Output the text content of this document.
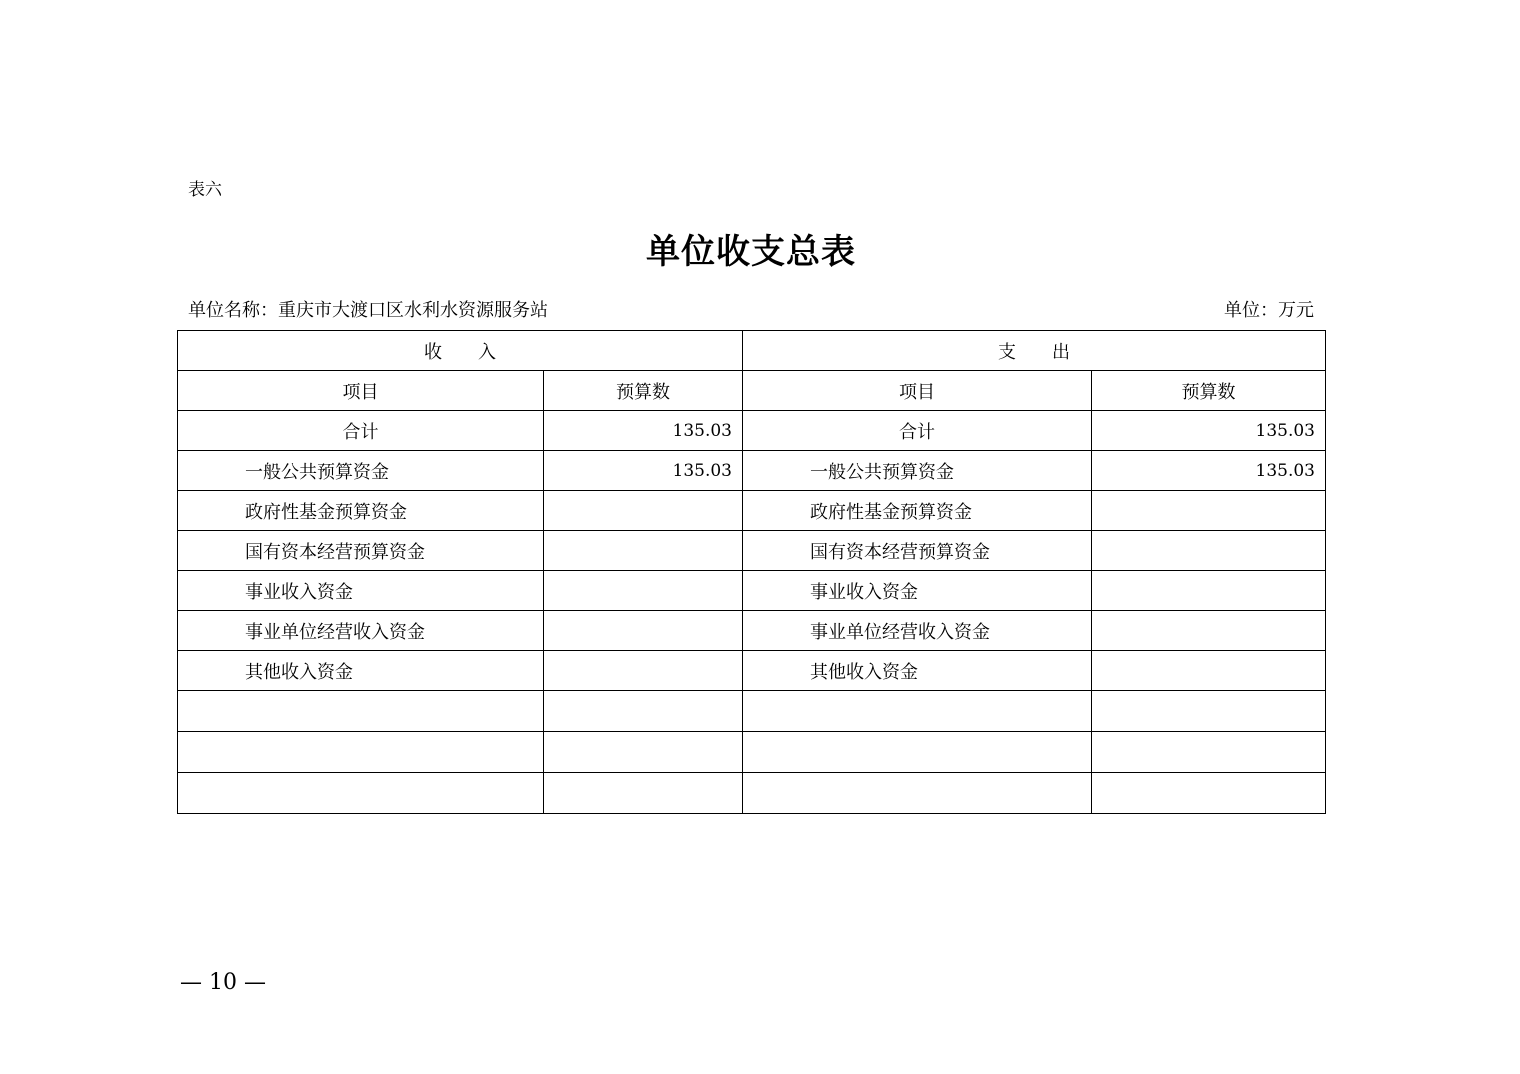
表六
单位收支总表
单位名称：重庆市大渡口区水利水资源服务站	单位：万元
收　　入		支　　出	
项目	预算数	项目	预算数
合计	135.03	合计	135.03
一般公共预算资金	135.03	一般公共预算资金	135.03
政府性基金预算资金		政府性基金预算资金	
国有资本经营预算资金		国有资本经营预算资金	
事业收入资金		事业收入资金	
事业单位经营收入资金		事业单位经营收入资金	
其他收入资金		其他收入资金	

— 10 —
